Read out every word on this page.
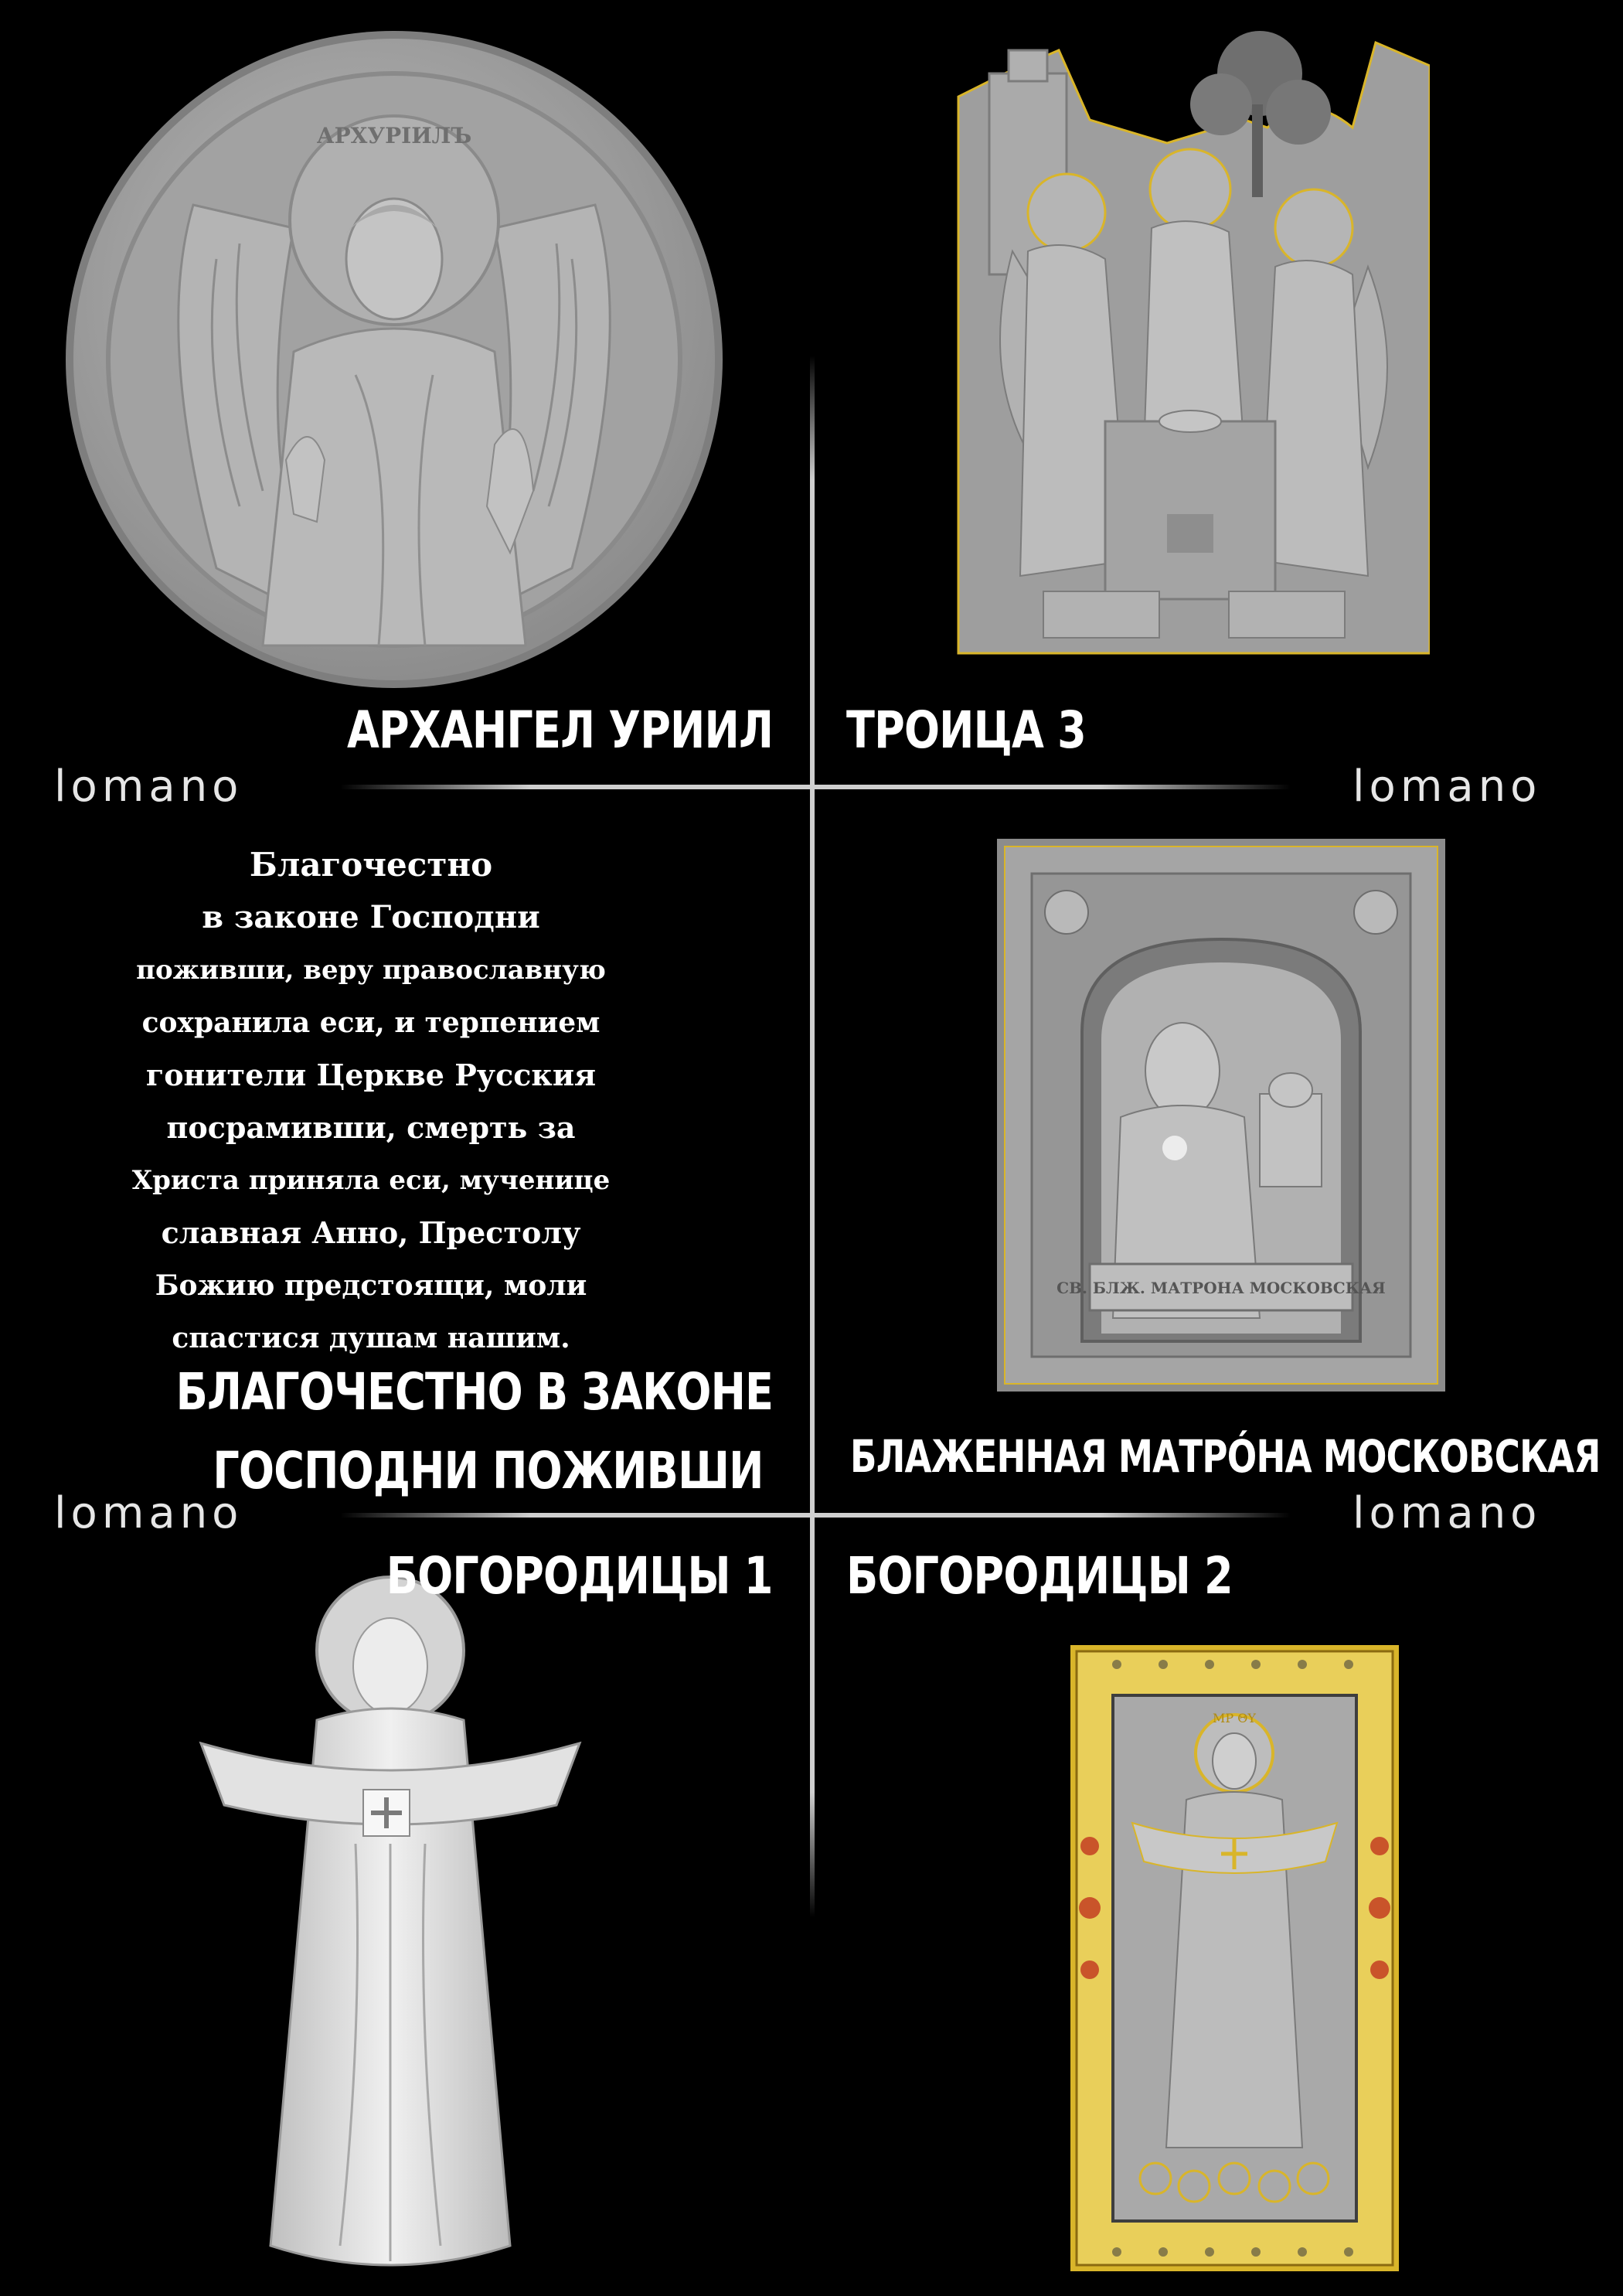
АРХУРІИЛЪ
СВ. БЛЖ. МАТРОНА МОСКОВСКАЯ
МР ΘΥ
lomano	lomano
lomano	lomano
АРХАНГЕЛ УРИИЛ ТРОИЦА 3
БЛАГОЧЕСТНО В ЗАКОНЕ
ГОСПОДНИ ПОЖИВШИ БЛАЖЕННАЯ МАТРÓНА МОСКОВСКАЯ
БОГОРОДИЦЫ 1 БОГОРОДИЦЫ 2
Благочестно
в законе Господни
поживши, веру православную
сохранила еси, и терпением
гонители Церкве Русския
посрамивши, смерть за
Христа приняла еси, мученице
славная Анно, Престолу
Божию предстоящи, моли
спастися душам нашим.
